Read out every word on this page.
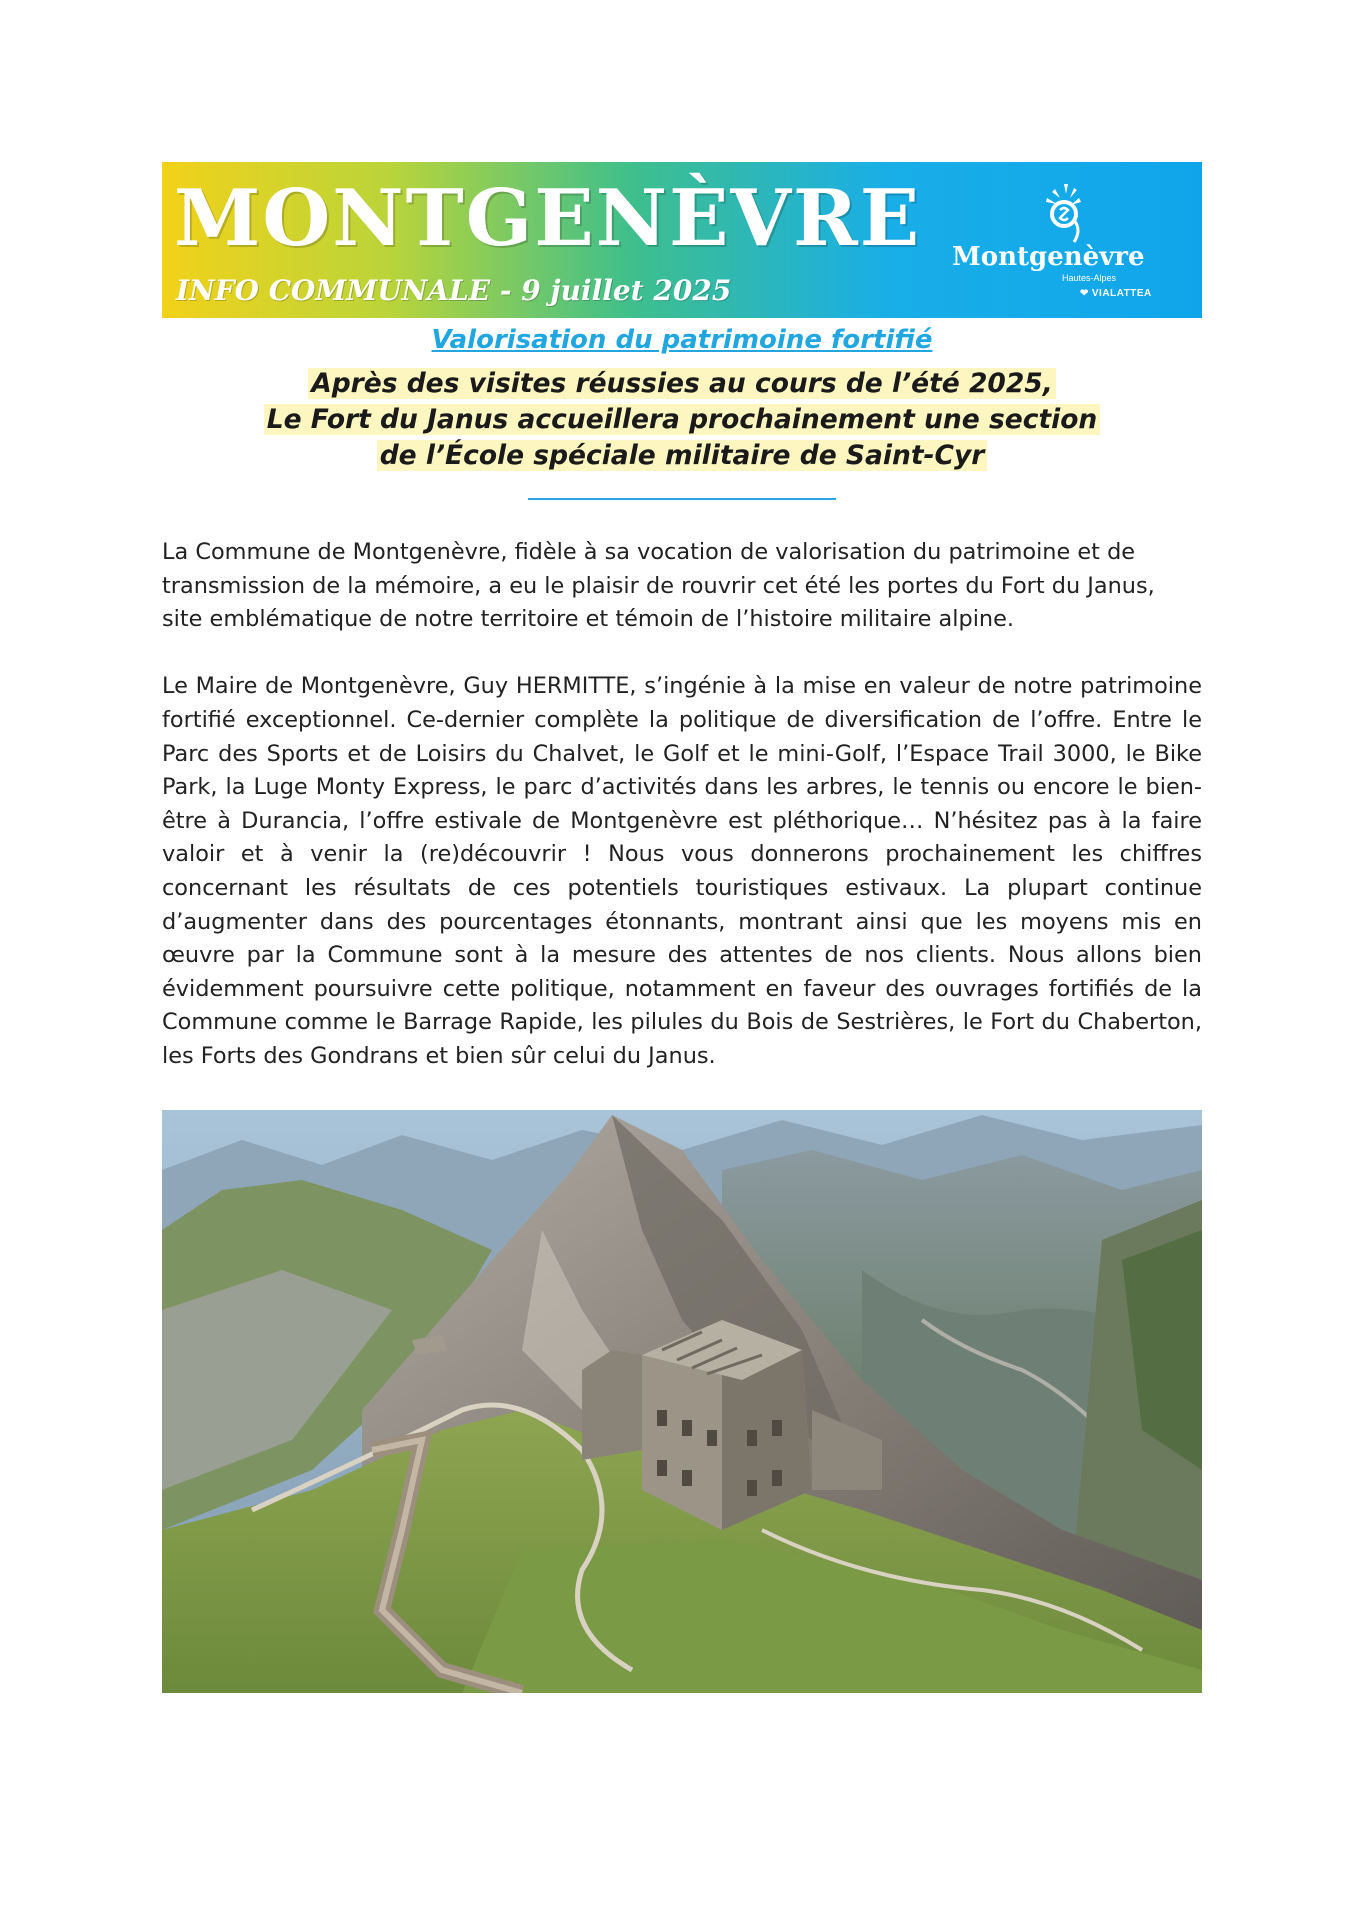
MONTGENÈVRE
INFO COMMUNALE - 9 juillet 2025
Montgenèvre
Hautes-Alpes
❤ VIALATTEA
Valorisation du patrimoine fortifié
Après des visites réussies au cours de l’été 2025,
Le Fort du Janus accueillera prochainement une section
de l’École spéciale militaire de Saint-Cyr

La Commune de Montgenèvre, fidèle à sa vocation de valorisation du patrimoine et de transmission de la mémoire, a eu le plaisir de rouvrir cet été les portes du Fort du Janus, site emblématique de notre territoire et témoin de l’histoire militaire alpine.

Le Maire de Montgenèvre, Guy HERMITTE, s’ingénie à la mise en valeur de notre patrimoine fortifié exceptionnel. Ce-dernier complète la politique de diversification de l’offre. Entre le Parc des Sports et de Loisirs du Chalvet, le Golf et le mini-Golf, l’Espace Trail 3000, le Bike Park, la Luge Monty Express, le parc d’activités dans les arbres, le tennis ou encore le bien-être à Durancia, l’offre estivale de Montgenèvre est pléthorique… N’hésitez pas à la faire valoir et à venir la (re)découvrir ! Nous vous donnerons prochainement les chiffres concernant les résultats de ces potentiels touristiques estivaux. La plupart continue d’augmenter dans des pourcentages étonnants, montrant ainsi que les moyens mis en œuvre par la Commune sont à la mesure des attentes de nos clients. Nous allons bien évidemment poursuivre cette politique, notamment en faveur des ouvrages fortifiés de la Commune comme le Barrage Rapide, les pilules du Bois de Sestrières, le Fort du Chaberton, les Forts des Gondrans et bien sûr celui du Janus.
